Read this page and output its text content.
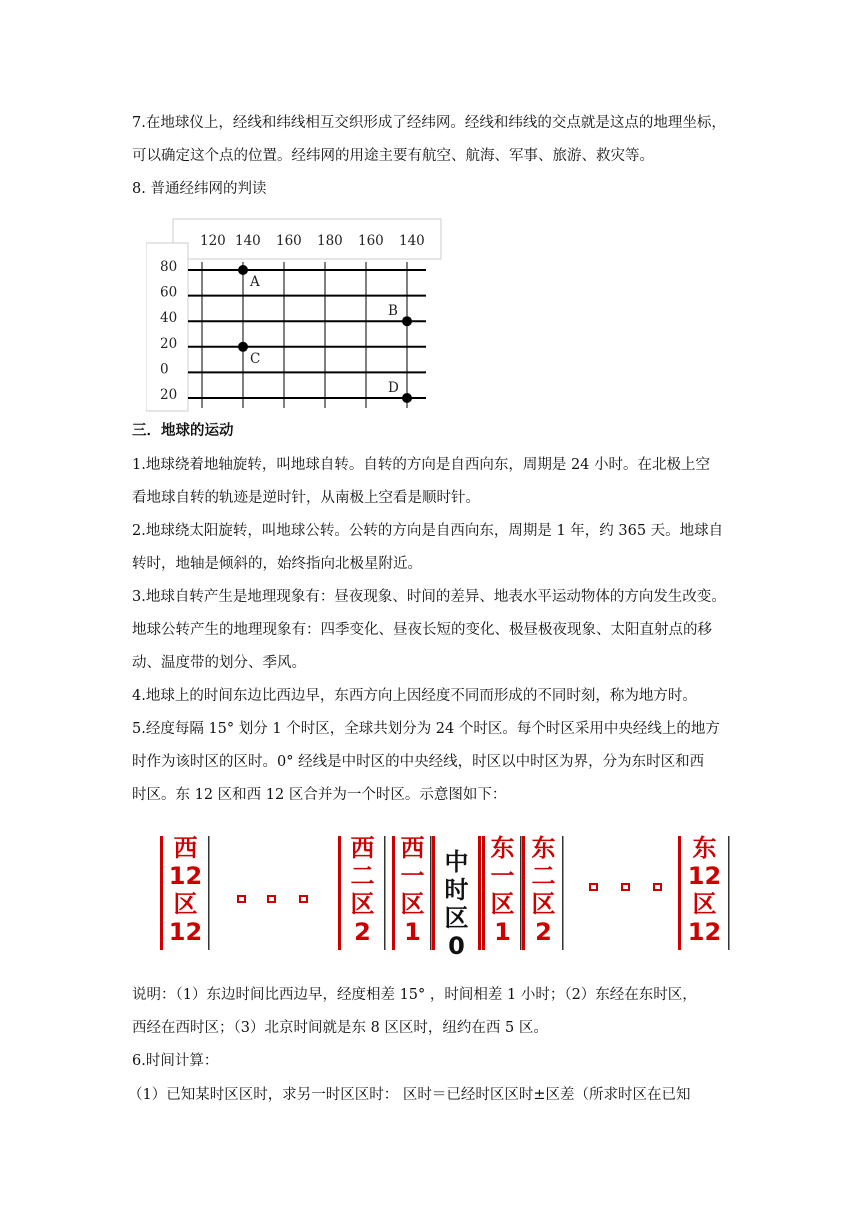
7.在地球仪上，经线和纬线相互交织形成了经纬网。经线和纬线的交点就是这点的地理坐标，
可以确定这个点的位置。经纬网的用途主要有航空、航海、军事、旅游、救灾等。
8. 普通经纬网的判读
120 140 160 180 160 140
80
60
40
20
0
20
A
B
C
D
三．地球的运动
1.地球绕着地轴旋转，叫地球自转。自转的方向是自西向东，周期是 24 小时。在北极上空
看地球自转的轨迹是逆时针，从南极上空看是顺时针。
2.地球绕太阳旋转，叫地球公转。公转的方向是自西向东，周期是 1 年，约 365 天。地球自
转时，地轴是倾斜的，始终指向北极星附近。
3.地球自转产生是地理现象有：昼夜现象、时间的差异、地表水平运动物体的方向发生改变。
地球公转产生的地理现象有：四季变化、昼夜长短的变化、极昼极夜现象、太阳直射点的移
动、温度带的划分、季风。
4.地球上的时间东边比西边早，东西方向上因经度不同而形成的不同时刻，称为地方时。
5.经度每隔 15° 划分 1 个时区，全球共划分为 24 个时区。每个时区采用中央经线上的地方
时作为该时区的区时。0° 经线是中时区的中央经线，时区以中时区为界，分为东时区和西
时区。东 12 区和西 12 区合并为一个时区。示意图如下：
西
12
区
12
西
二
区
2
西
一
区
1
中
时
区
0
东
一
区
1
东
二
区
2
东
12
区
12
说明：（1）东边时间比西边早，经度相差 15° ，时间相差 1 小时；（2）东经在东时区，
西经在西时区；（3）北京时间就是东 8 区区时，纽约在西 5 区。
6.时间计算：
（1）已知某时区区时，求另一时区区时： 区时＝已经时区区时±区差（所求时区在已知
